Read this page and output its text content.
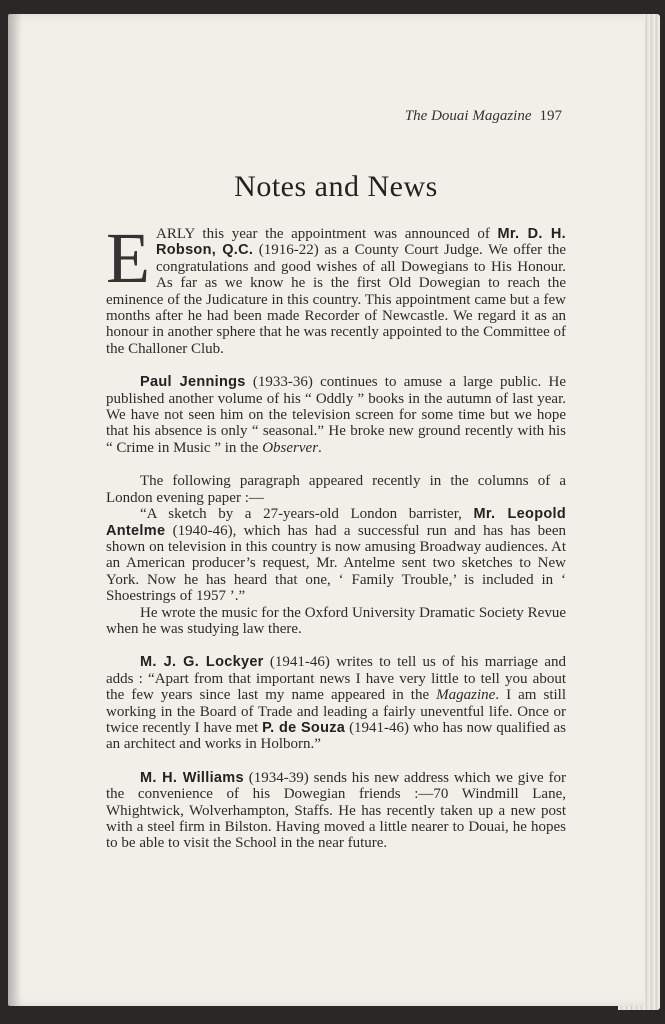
The Douai Magazine 197
Notes and News

EARLY this year the appointment was announced of Mr. D. H. Robson, Q.C. (1916-22) as a County Court Judge. We offer the congratulations and good wishes of all Dowegians to His Honour. As far as we know he is the first Old Dowegian to reach the eminence of the Judicature in this country. This appointment came but a few months after he had been made Recorder of Newcastle. We regard it as an honour in another sphere that he was recently appointed to the Committee of the Challoner Club.

Paul Jennings (1933-36) continues to amuse a large public. He published another volume of his “ Oddly ” books in the autumn of last year. We have not seen him on the television screen for some time but we hope that his absence is only “ seasonal.” He broke new ground recently with his “ Crime in Music ” in the Observer.

The following paragraph appeared recently in the columns of a London evening paper :—

“A sketch by a 27-years-old London barrister, Mr. Leopold Antelme (1940-46), which has had a successful run and has has been shown on television in this country is now amusing Broadway audiences. At an American producer’s request, Mr. Antelme sent two sketches to New York. Now he has heard that one, ‘ Family Trouble,’ is included in ‘ Shoestrings of 1957 ’.”

He wrote the music for the Oxford University Dramatic Society Revue when he was studying law there.

M. J. G. Lockyer (1941-46) writes to tell us of his marriage and adds : “Apart from that important news I have very little to tell you about the few years since last my name appeared in the Magazine. I am still working in the Board of Trade and leading a fairly uneventful life. Once or twice recently I have met P. de Souza (1941-46) who has now qualified as an architect and works in Holborn.”

M. H. Williams (1934-39) sends his new address which we give for the convenience of his Dowegian friends :—70 Windmill Lane, Whightwick, Wolverhampton, Staffs. He has recently taken up a new post with a steel firm in Bilston. Having moved a little nearer to Douai, he hopes to be able to visit the School in the near future.
